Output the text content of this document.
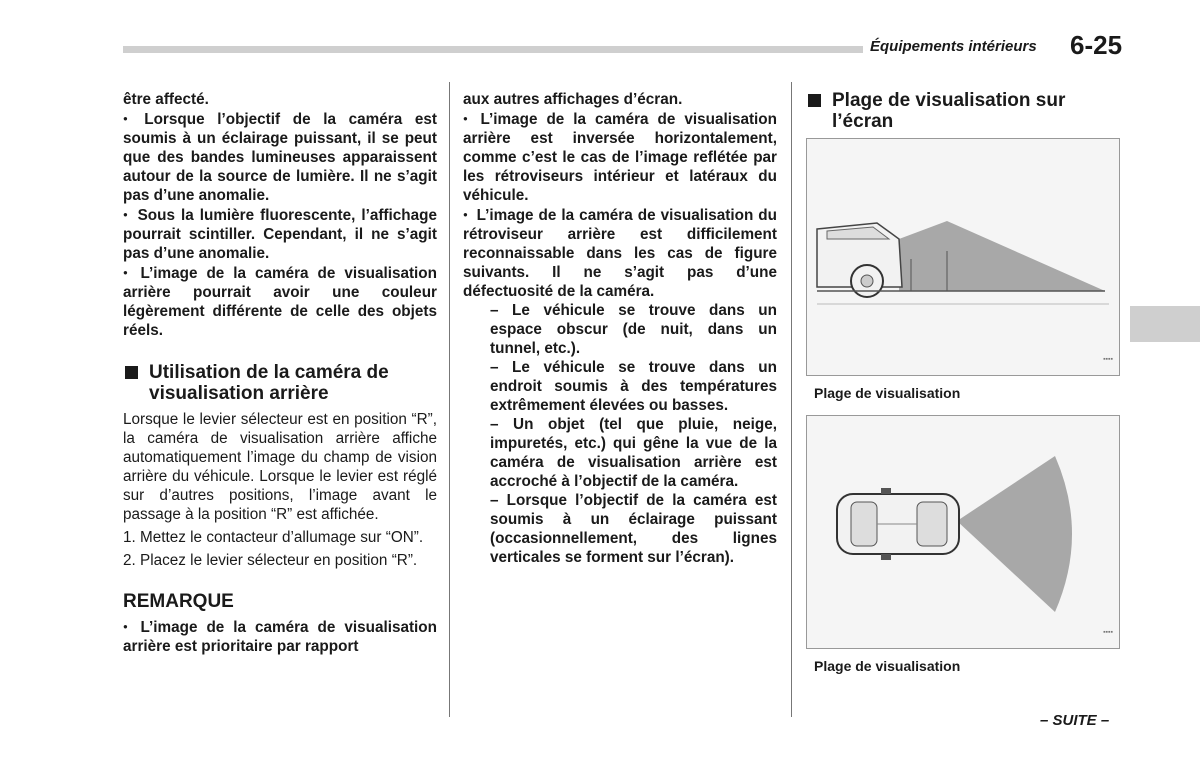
Équipements intérieurs 6-25

être affecté.

● Lorsque l’objectif de la caméra est soumis à un éclairage puissant, il se peut que des bandes lumineuses apparaissent autour de la source de lumière. Il ne s’agit pas d’une anomalie.

● Sous la lumière fluorescente, l’affichage pourrait scintiller. Cependant, il ne s’agit pas d’une anomalie.

● L’image de la caméra de visualisation arrière pourrait avoir une couleur légèrement différente de celle des objets réels.

Utilisation de la caméra de visualisation arrière

Lorsque le levier sélecteur est en position “R”, la caméra de visualisation arrière affiche automatiquement l’image du champ de vision arrière du véhicule. Lorsque le levier est réglé sur d’autres positions, l’image avant le passage à la position “R” est affichée.

1. Mettez le contacteur d’allumage sur “ON”.

2. Placez le levier sélecteur en position “R”.

REMARQUE

● L’image de la caméra de visualisation arrière est prioritaire par rapport

aux autres affichages d’écran.

● L’image de la caméra de visualisation arrière est inversée horizontalement, comme c’est le cas de l’image reflétée par les rétroviseurs intérieur et latéraux du véhicule.

● L’image de la caméra de visualisation du rétroviseur arrière est difficilement reconnaissable dans les cas de figure suivants. Il ne s’agit pas d’une défectuosité de la caméra.

– Le véhicule se trouve dans un espace obscur (de nuit, dans un tunnel, etc.).

– Le véhicule se trouve dans un endroit soumis à des températures extrêmement élevées ou basses.

– Un objet (tel que pluie, neige, impuretés, etc.) qui gêne la vue de la caméra de visualisation arrière est accroché à l’objectif de la caméra.

– Lorsque l’objectif de la caméra est soumis à un éclairage puissant (occasionnellement, des lignes verticales se forment sur l’écran).

Plage de visualisation sur l’écran
▪▪▪▪
Plage de visualisation
▪▪▪▪
Plage de visualisation
– SUITE –
